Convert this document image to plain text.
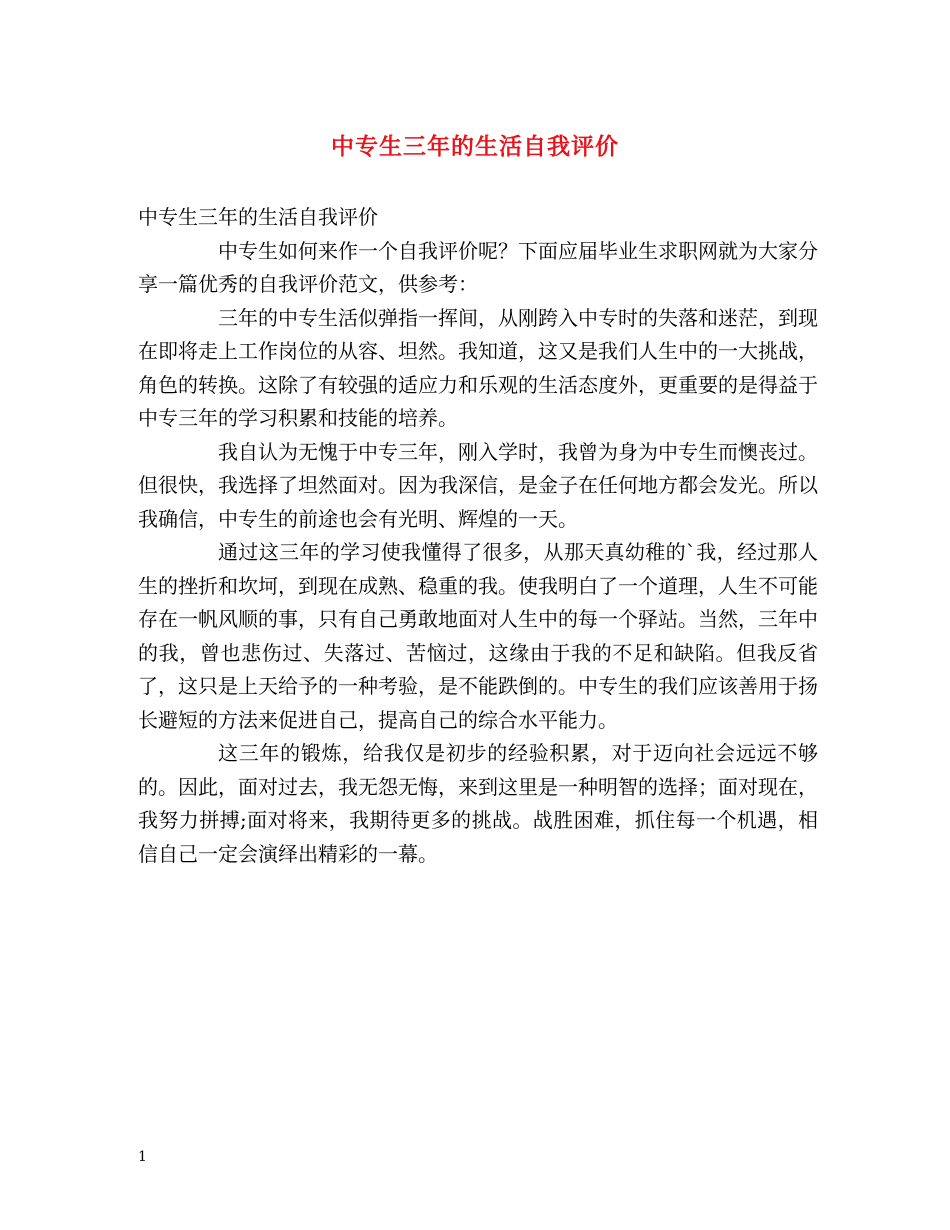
中专生三年的生活自我评价

中专生三年的生活自我评价

中专生如何来作一个自我评价呢？下面应届毕业生求职网就为大家分享一篇优秀的自我评价范文，供参考：

三年的中专生活似弹指一挥间，从刚跨入中专时的失落和迷茫，到现在即将走上工作岗位的从容、坦然。我知道，这又是我们人生中的一大挑战，角色的转换。这除了有较强的适应力和乐观的生活态度外，更重要的是得益于中专三年的学习积累和技能的培养。

我自认为无愧于中专三年，刚入学时，我曾为身为中专生而懊丧过。但很快，我选择了坦然面对。因为我深信，是金子在任何地方都会发光。所以我确信，中专生的前途也会有光明、辉煌的一天。

通过这三年的学习使我懂得了很多，从那天真幼稚的`我，经过那人生的挫折和坎坷，到现在成熟、稳重的我。使我明白了一个道理，人生不可能存在一帆风顺的事，只有自己勇敢地面对人生中的每一个驿站。当然，三年中的我，曾也悲伤过、失落过、苦恼过，这缘由于我的不足和缺陷。但我反省了，这只是上天给予的一种考验，是不能跌倒的。中专生的我们应该善用于扬长避短的方法来促进自己，提高自己的综合水平能力。

这三年的锻炼，给我仅是初步的经验积累，对于迈向社会远远不够的。因此，面对过去，我无怨无悔，来到这里是一种明智的选择；面对现在，我努力拼搏;面对将来，我期待更多的挑战。战胜困难，抓住每一个机遇，相信自己一定会演绎出精彩的一幕。

1
